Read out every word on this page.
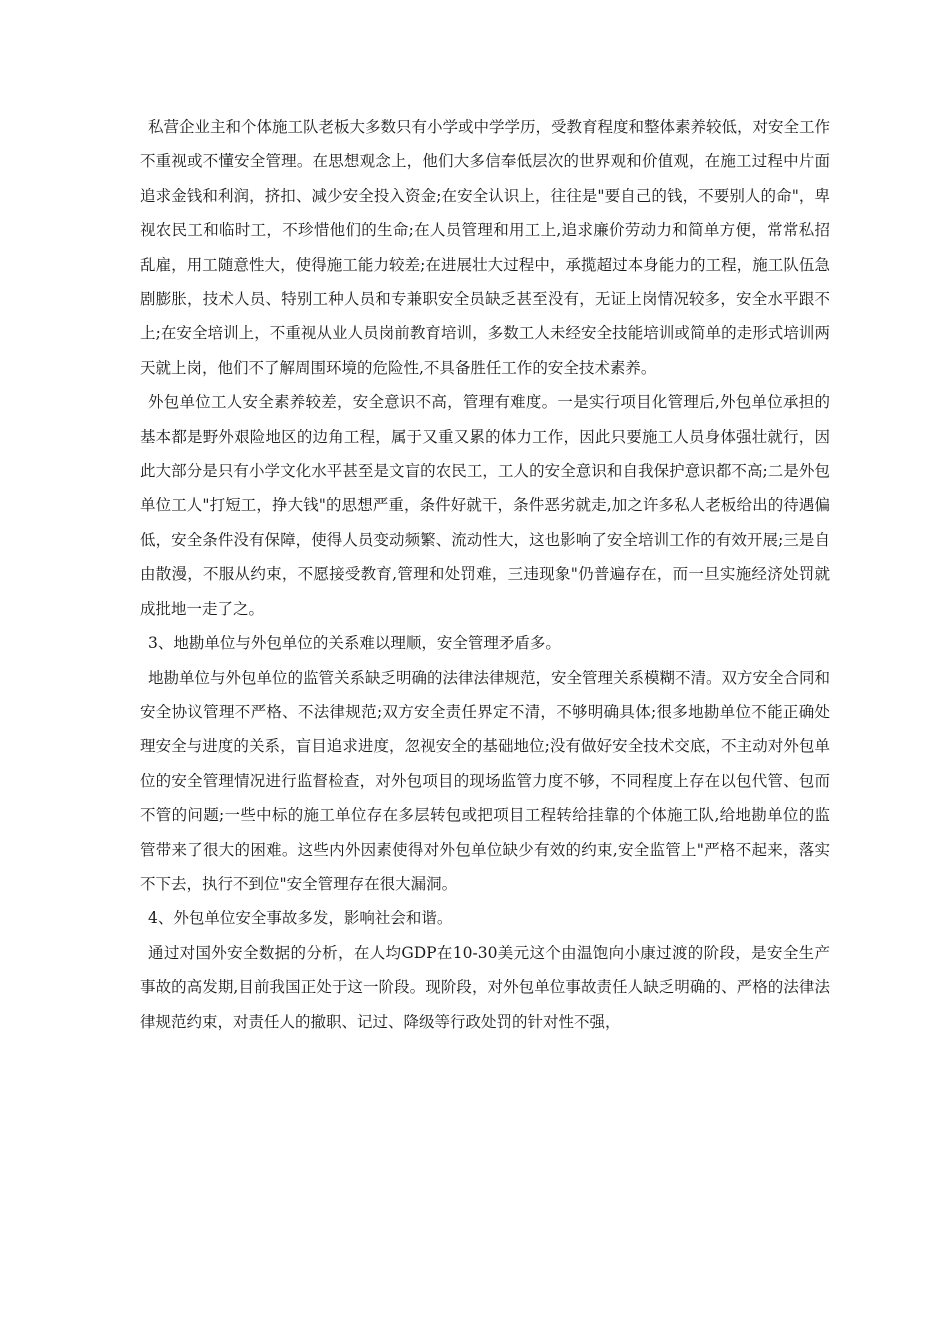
私营企业主和个体施工队老板大多数只有小学或中学学历，受教育程度和整体素养较低，对安全工作不重视或不懂安全管理。在思想观念上，他们大多信奉低层次的世界观和价值观，在施工过程中片面追求金钱和利润，挤扣、减少安全投入资金;在安全认识上，往往是"要自己的钱，不要别人的命"，卑视农民工和临时工，不珍惜他们的生命;在人员管理和用工上,追求廉价劳动力和简单方便，常常私招乱雇，用工随意性大，使得施工能力较差;在进展壮大过程中，承揽超过本身能力的工程，施工队伍急剧膨胀，技术人员、特别工种人员和专兼职安全员缺乏甚至没有，无证上岗情况较多，安全水平跟不上;在安全培训上，不重视从业人员岗前教育培训，多数工人未经安全技能培训或简单的走形式培训两天就上岗，他们不了解周围环境的危险性,不具备胜任工作的安全技术素养。

外包单位工人安全素养较差，安全意识不高，管理有难度。一是实行项目化管理后,外包单位承担的基本都是野外艰险地区的边角工程，属于又重又累的体力工作，因此只要施工人员身体强壮就行，因此大部分是只有小学文化水平甚至是文盲的农民工，工人的安全意识和自我保护意识都不高;二是外包单位工人"打短工，挣大钱"的思想严重，条件好就干，条件恶劣就走,加之许多私人老板给出的待遇偏低，安全条件没有保障，使得人员变动频繁、流动性大，这也影响了安全培训工作的有效开展;三是自由散漫，不服从约束，不愿接受教育,管理和处罚难，三违现象"仍普遍存在，而一旦实施经济处罚就成批地一走了之。

3、地勘单位与外包单位的关系难以理顺，安全管理矛盾多。

地勘单位与外包单位的监管关系缺乏明确的法律法律规范，安全管理关系模糊不清。双方安全合同和安全协议管理不严格、不法律规范;双方安全责任界定不清，不够明确具体;很多地勘单位不能正确处理安全与进度的关系，盲目追求进度，忽视安全的基础地位;没有做好安全技术交底，不主动对外包单位的安全管理情况进行监督检查，对外包项目的现场监管力度不够，不同程度上存在以包代管、包而不管的问题;一些中标的施工单位存在多层转包或把项目工程转给挂靠的个体施工队,给地勘单位的监管带来了很大的困难。这些内外因素使得对外包单位缺少有效的约束,安全监管上"严格不起来，落实不下去，执行不到位"安全管理存在很大漏洞。

4、外包单位安全事故多发，影响社会和谐。

通过对国外安全数据的分析，在人均GDP在10-30美元这个由温饱向小康过渡的阶段，是安全生产事故的高发期,目前我国正处于这一阶段。现阶段，对外包单位事故责任人缺乏明确的、严格的法律法律规范约束，对责任人的撤职、记过、降级等行政处罚的针对性不强，
